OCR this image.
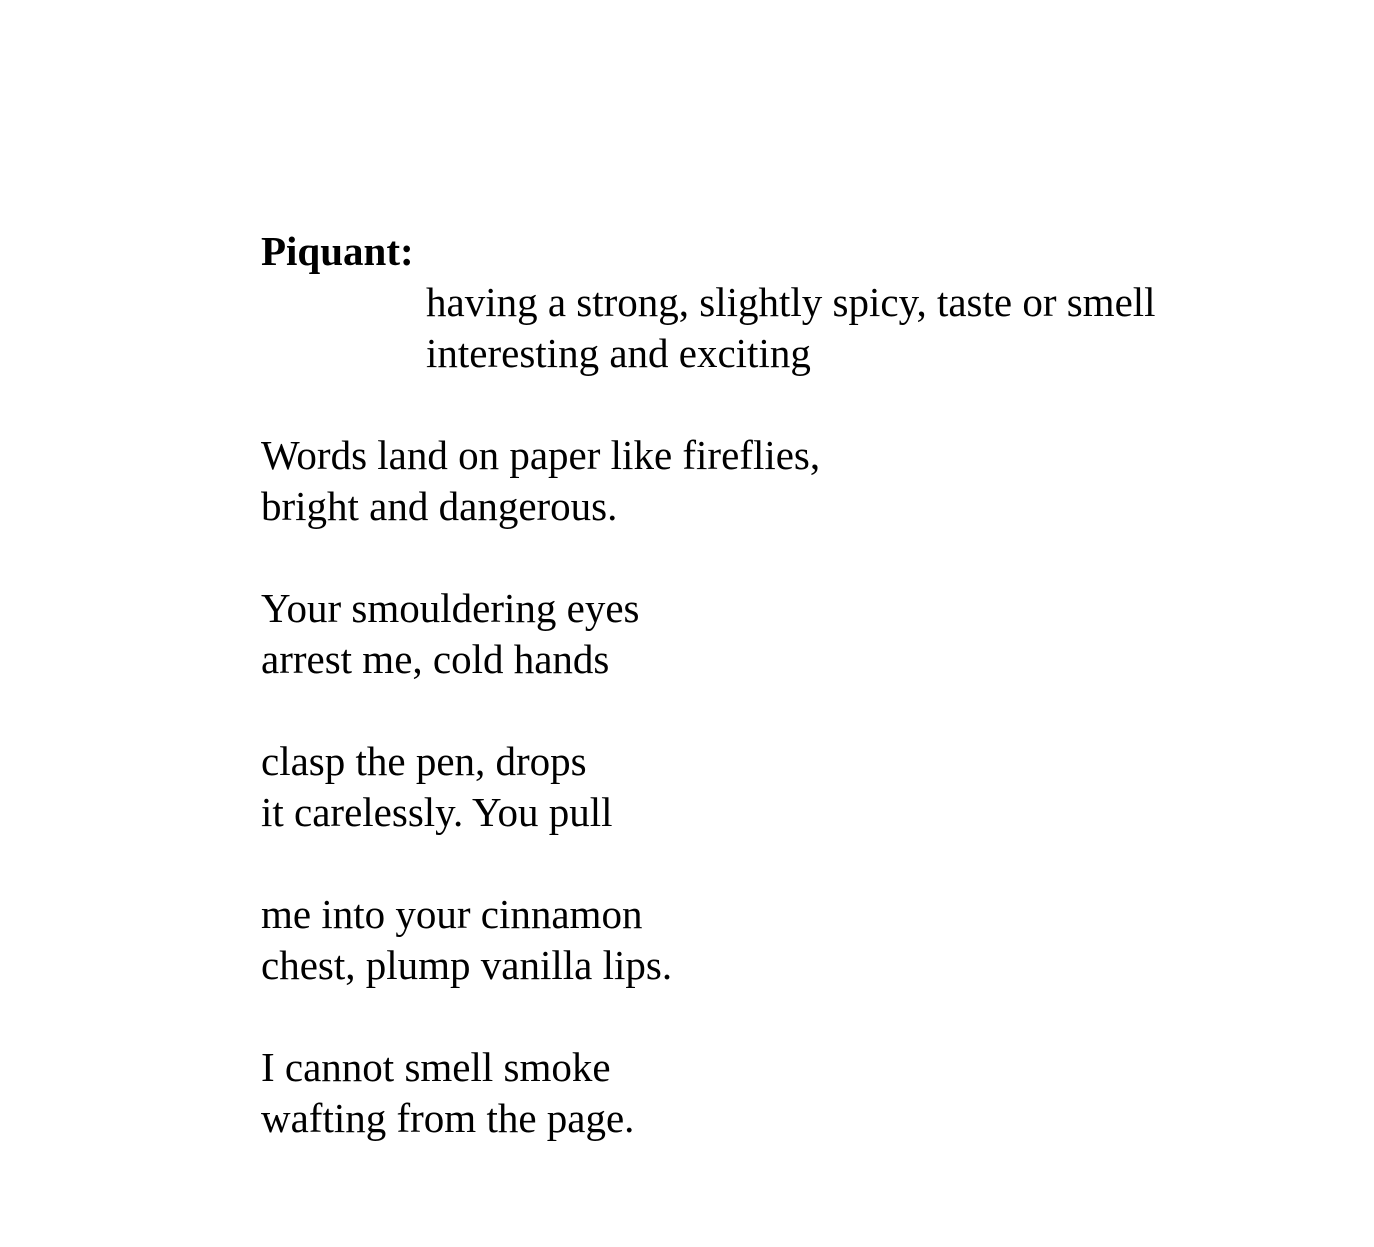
Piquant:
having a strong, slightly spicy, taste or smell
interesting and exciting
Words land on paper like fireflies,
bright and dangerous.
Your smouldering eyes
arrest me, cold hands
clasp the pen, drops
it carelessly. You pull
me into your cinnamon
chest, plump vanilla lips.
I cannot smell smoke
wafting from the page.
